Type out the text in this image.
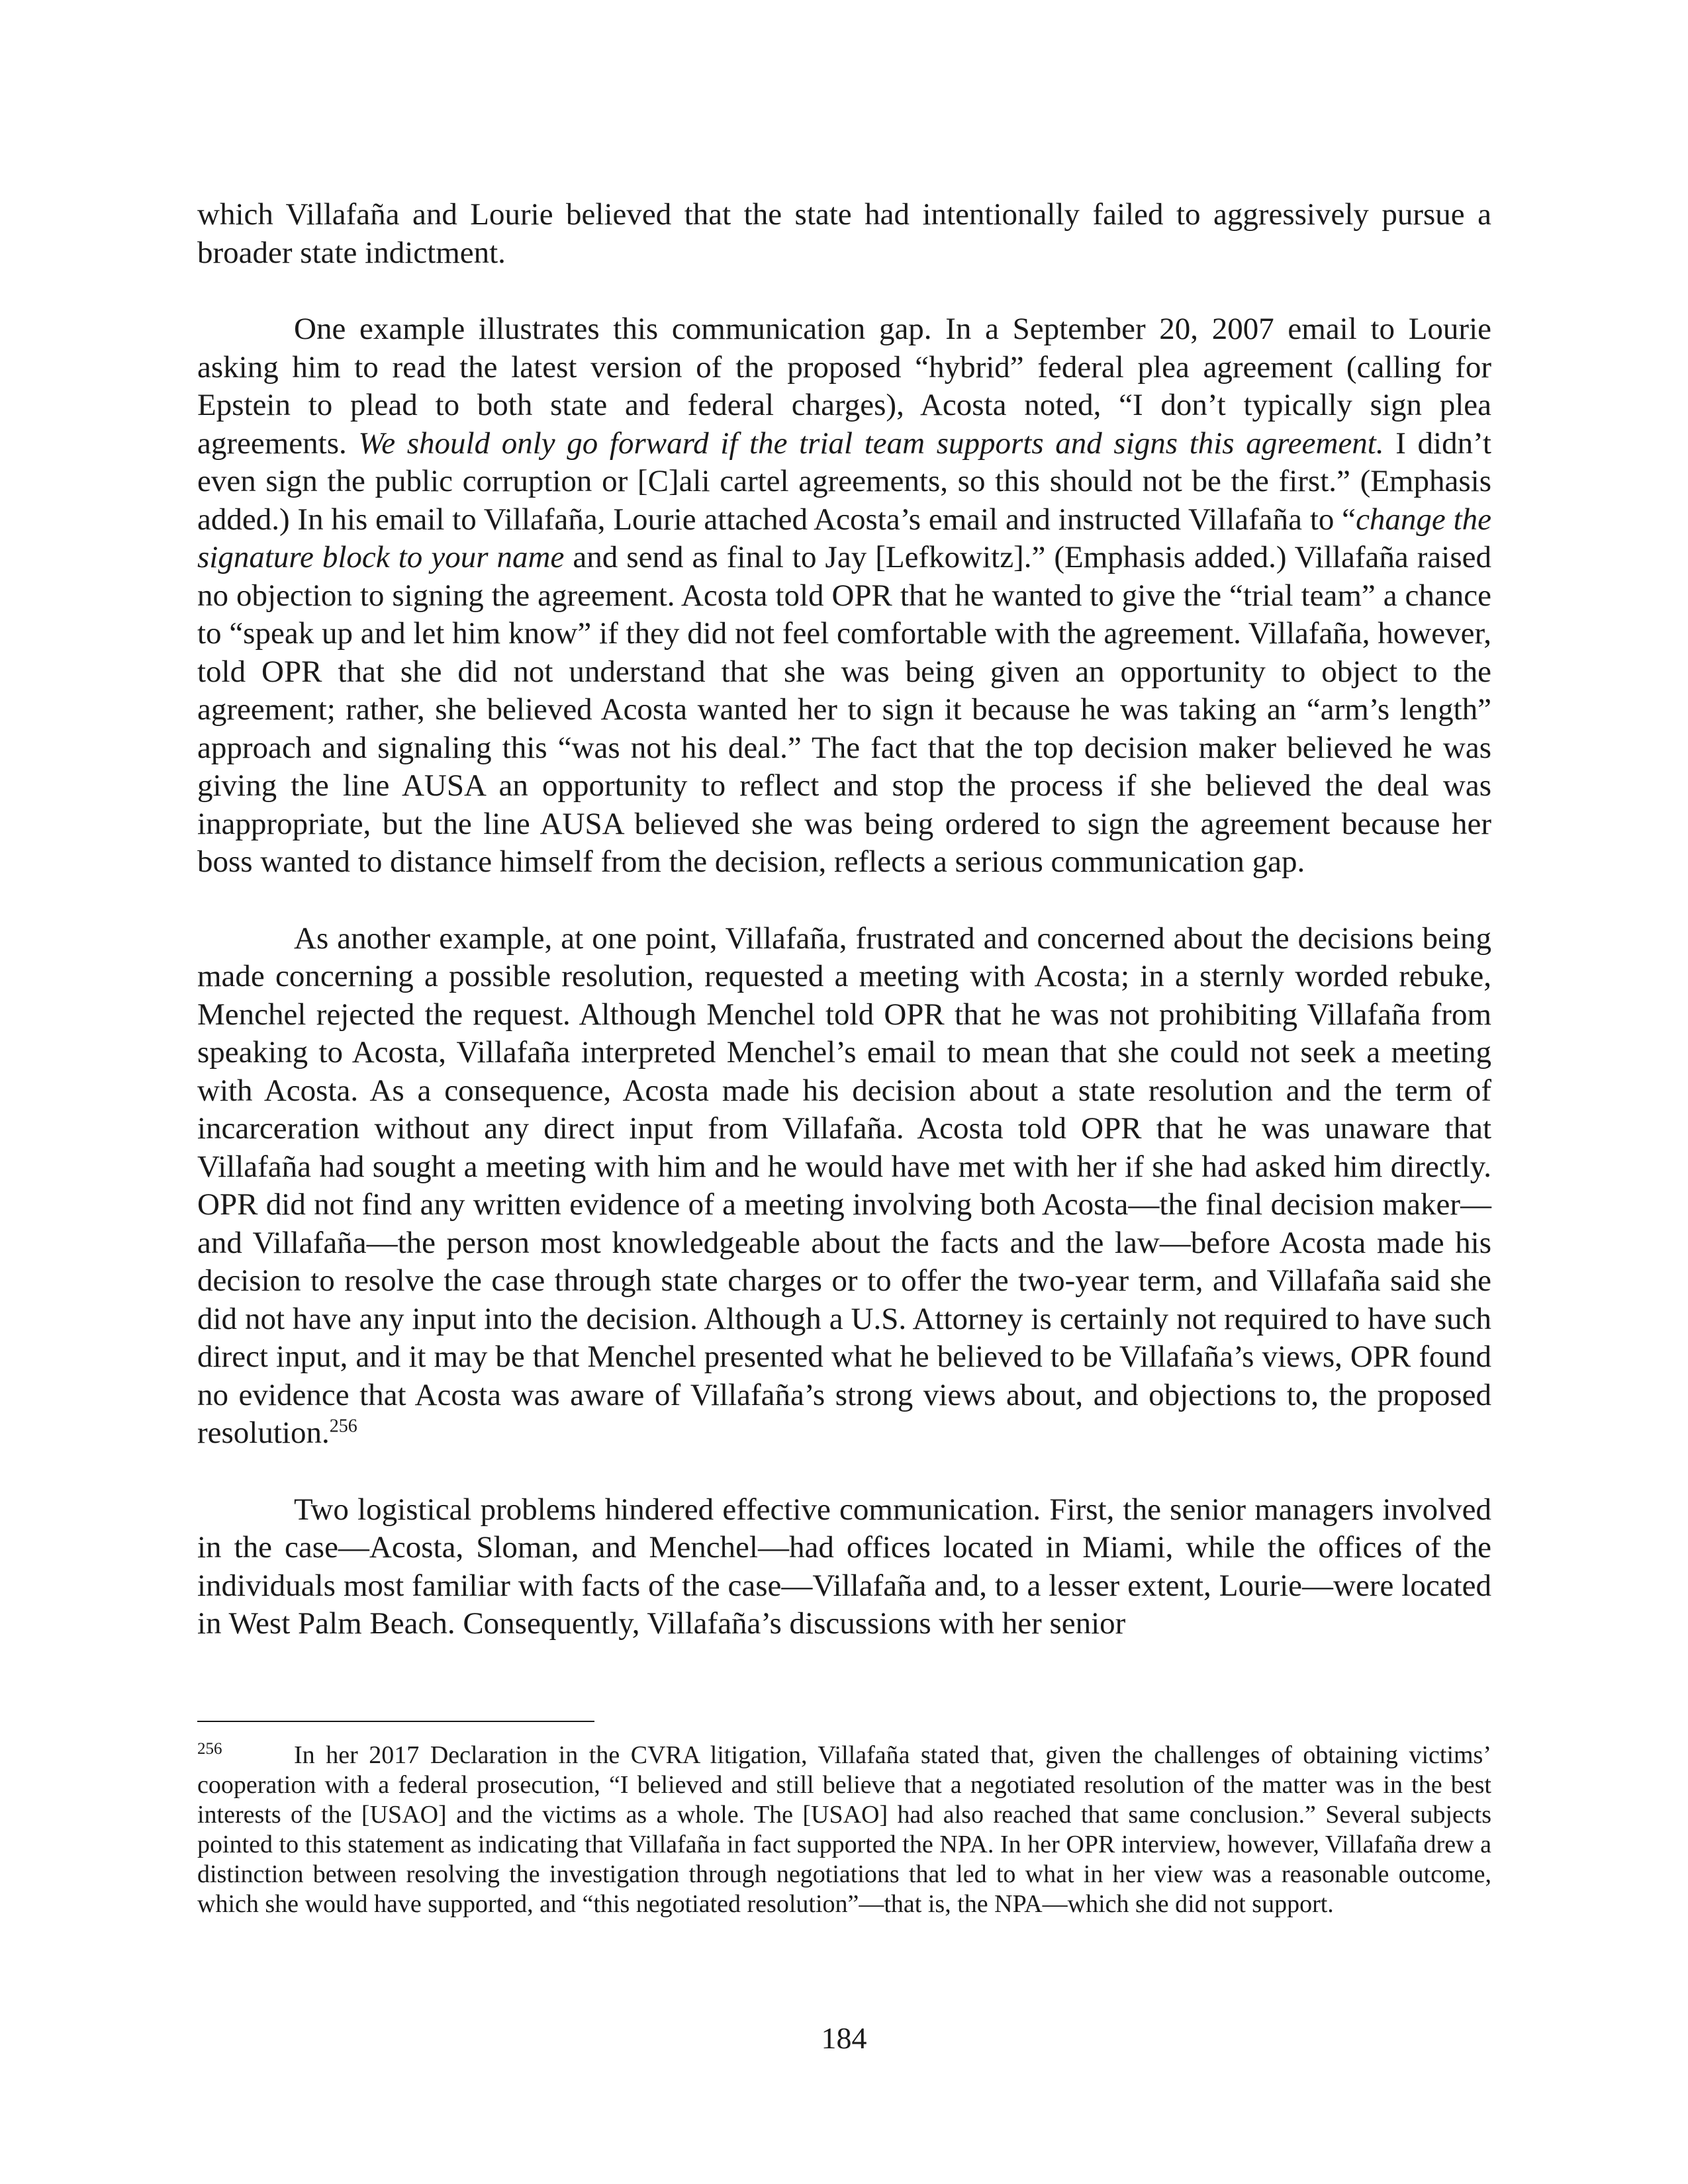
which Villafaña and Lourie believed that the state had intentionally failed to aggressively pursue a broader state indictment.

One example illustrates this communication gap. In a September 20, 2007 email to Lourie asking him to read the latest version of the proposed “hybrid” federal plea agreement (calling for Epstein to plead to both state and federal charges), Acosta noted, “I don’t typically sign plea agreements. We should only go forward if the trial team supports and signs this agreement. I didn’t even sign the public corruption or [C]ali cartel agreements, so this should not be the first.” (Emphasis added.) In his email to Villafaña, Lourie attached Acosta’s email and instructed Villafaña to “change the signature block to your name and send as final to Jay [Lefkowitz].” (Emphasis added.) Villafaña raised no objection to signing the agreement. Acosta told OPR that he wanted to give the “trial team” a chance to “speak up and let him know” if they did not feel comfortable with the agreement. Villafaña, however, told OPR that she did not understand that she was being given an opportunity to object to the agreement; rather, she believed Acosta wanted her to sign it because he was taking an “arm’s length” approach and signaling this “was not his deal.” The fact that the top decision maker believed he was giving the line AUSA an opportunity to reflect and stop the process if she believed the deal was inappropriate, but the line AUSA believed she was being ordered to sign the agreement because her boss wanted to distance himself from the decision, reflects a serious communication gap.

As another example, at one point, Villafaña, frustrated and concerned about the decisions being made concerning a possible resolution, requested a meeting with Acosta; in a sternly worded rebuke, Menchel rejected the request. Although Menchel told OPR that he was not prohibiting Villafaña from speaking to Acosta, Villafaña interpreted Menchel’s email to mean that she could not seek a meeting with Acosta. As a consequence, Acosta made his decision about a state resolution and the term of incarceration without any direct input from Villafaña. Acosta told OPR that he was unaware that Villafaña had sought a meeting with him and he would have met with her if she had asked him directly. OPR did not find any written evidence of a meeting involving both Acosta—the final decision maker—and Villafaña—the person most knowledgeable about the facts and the law—before Acosta made his decision to resolve the case through state charges or to offer the two-year term, and Villafaña said she did not have any input into the decision. Although a U.S. Attorney is certainly not required to have such direct input, and it may be that Menchel presented what he believed to be Villafaña’s views, OPR found no evidence that Acosta was aware of Villafaña’s strong views about, and objections to, the proposed resolution.$^{256}$

Two logistical problems hindered effective communication. First, the senior managers involved in the case—Acosta, Sloman, and Menchel—had offices located in Miami, while the offices of the individuals most familiar with facts of the case—Villafaña and, to a lesser extent, Lourie—were located in West Palm Beach. Consequently, Villafaña’s discussions with her senior

256	In her 2017 Declaration in the CVRA litigation, Villafaña stated that, given the challenges of obtaining victims’ cooperation with a federal prosecution, “I believed and still believe that a negotiated resolution of the matter was in the best interests of the [USAO] and the victims as a whole. The [USAO] had also reached that same conclusion.” Several subjects pointed to this statement as indicating that Villafaña in fact supported the NPA. In her OPR interview, however, Villafaña drew a distinction between resolving the investigation through negotiations that led to what in her view was a reasonable outcome, which she would have supported, and “this negotiated resolution”—that is, the NPA—which she did not support.

184
